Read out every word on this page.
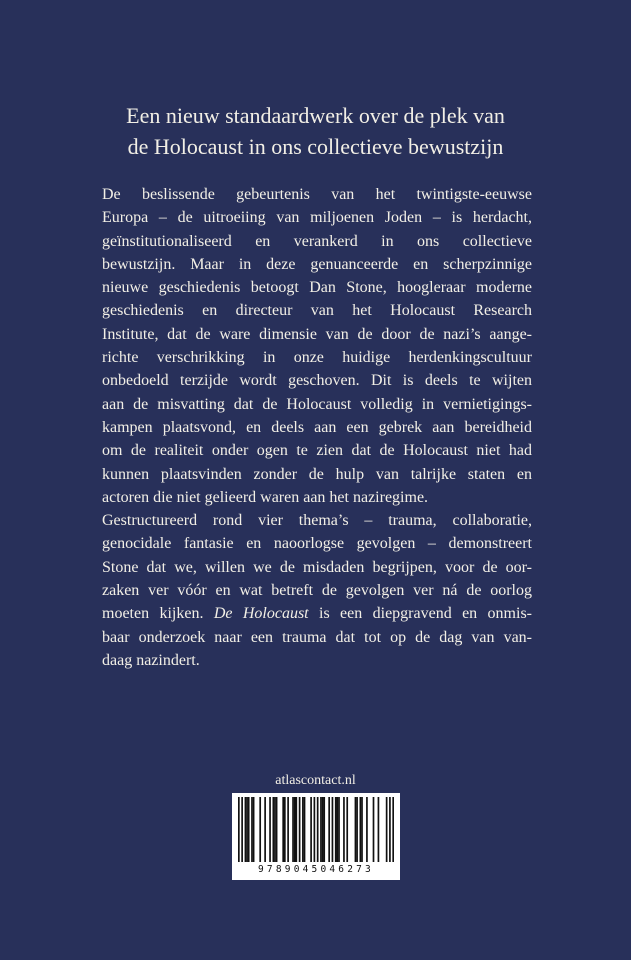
Een nieuw standaardwerk over de plek van
de Holocaust in ons collectieve bewustzijn
De beslissende gebeurtenis van het twintigste-eeuwse
Europa – de uitroeiing van miljoenen Joden – is herdacht,
geïnstitutionaliseerd en verankerd in ons collectieve
bewustzijn. Maar in deze genuanceerde en scherpzinnige
nieuwe geschiedenis betoogt Dan Stone, hoogleraar moderne
geschiedenis en directeur van het Holocaust Research
Institute, dat de ware dimensie van de door de nazi’s aange-
richte verschrikking in onze huidige herdenkingscultuur
onbedoeld terzijde wordt geschoven. Dit is deels te wijten
aan de misvatting dat de Holocaust volledig in vernietigings-
kampen plaatsvond, en deels aan een gebrek aan bereidheid
om de realiteit onder ogen te zien dat de Holocaust niet had
kunnen plaatsvinden zonder de hulp van talrijke staten en
actoren die niet gelieerd waren aan het naziregime.
Gestructureerd rond vier thema’s – trauma, collaboratie,
genocidale fantasie en naoorlogse gevolgen – demonstreert
Stone dat we, willen we de misdaden begrijpen, voor de oor-
zaken ver vóór en wat betreft de gevolgen ver ná de oorlog
moeten kijken. De Holocaust is een diepgravend en onmis-
baar onderzoek naar een trauma dat tot op de dag van van-
daag nazindert.
atlascontact.nl
9789045046273
